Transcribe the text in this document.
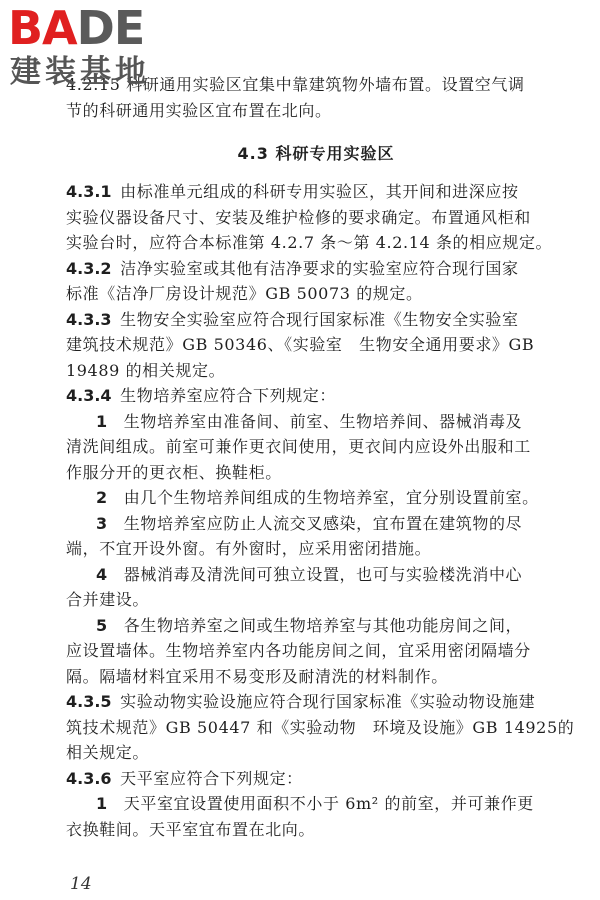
BADE
建装基地
4.2.15 科研通用实验区宜集中靠建筑物外墙布置。设置空气调
节的科研通用实验区宜布置在北向。
4.3 科研专用实验区
4.3.1  由标准单元组成的科研专用实验区，其开间和进深应按
实验仪器设备尺寸、安装及维护检修的要求确定。布置通风柜和
实验台时，应符合本标准第 4.2.7 条～第 4.2.14 条的相应规定。
4.3.2  洁净实验室或其他有洁净要求的实验室应符合现行国家
标准《洁净厂房设计规范》GB 50073 的规定。
4.3.3  生物安全实验室应符合现行国家标准《生物安全实验室
建筑技术规范》GB 50346、《实验室　生物安全通用要求》GB
19489 的相关规定。
4.3.4  生物培养室应符合下列规定：
1  生物培养室由准备间、前室、生物培养间、器械消毒及
清洗间组成。前室可兼作更衣间使用，更衣间内应设外出服和工
作服分开的更衣柜、换鞋柜。
2  由几个生物培养间组成的生物培养室，宜分别设置前室。
3  生物培养室应防止人流交叉感染，宜布置在建筑物的尽
端，不宜开设外窗。有外窗时，应采用密闭措施。
4  器械消毒及清洗间可独立设置，也可与实验楼洗消中心
合并建设。
5  各生物培养室之间或生物培养室与其他功能房间之间，
应设置墙体。生物培养室内各功能房间之间，宜采用密闭隔墙分
隔。隔墙材料宜采用不易变形及耐清洗的材料制作。
4.3.5  实验动物实验设施应符合现行国家标准《实验动物设施建
筑技术规范》GB 50447 和《实验动物　环境及设施》GB 14925的
相关规定。
4.3.6  天平室应符合下列规定：
1  天平室宜设置使用面积不小于 6m² 的前室，并可兼作更
衣换鞋间。天平室宜布置在北向。
14
